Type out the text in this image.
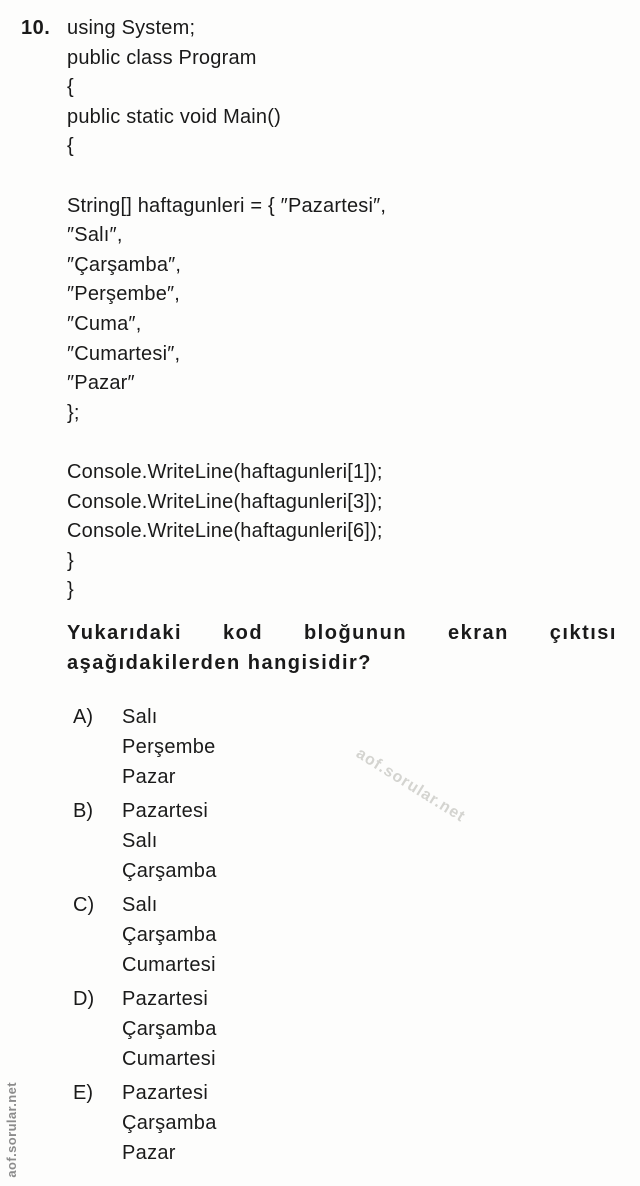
10. using System;
public class Program
{
public static void Main()
{
String[] haftagunleri = { ″Pazartesi″,
″Salı″,
″Çarşamba″,
″Perşembe″,
″Cuma″,
″Cumartesi″,
″Pazar″
};
Console.WriteLine(haftagunleri[1]);
Console.WriteLine(haftagunleri[3]);
Console.WriteLine(haftagunleri[6]);
}
}
Yukarıdaki kod bloğunun ekran çıktısı
aşağıdakilerden hangisidir?
A)	Salı
Perşembe
Pazar
B)	Pazartesi
Salı
Çarşamba
C)	Salı
Çarşamba
Cumartesi
D)	Pazartesi
Çarşamba
Cumartesi
E)	Pazartesi
Çarşamba
Pazar
aof.sorular.net
aof.sorular.net
